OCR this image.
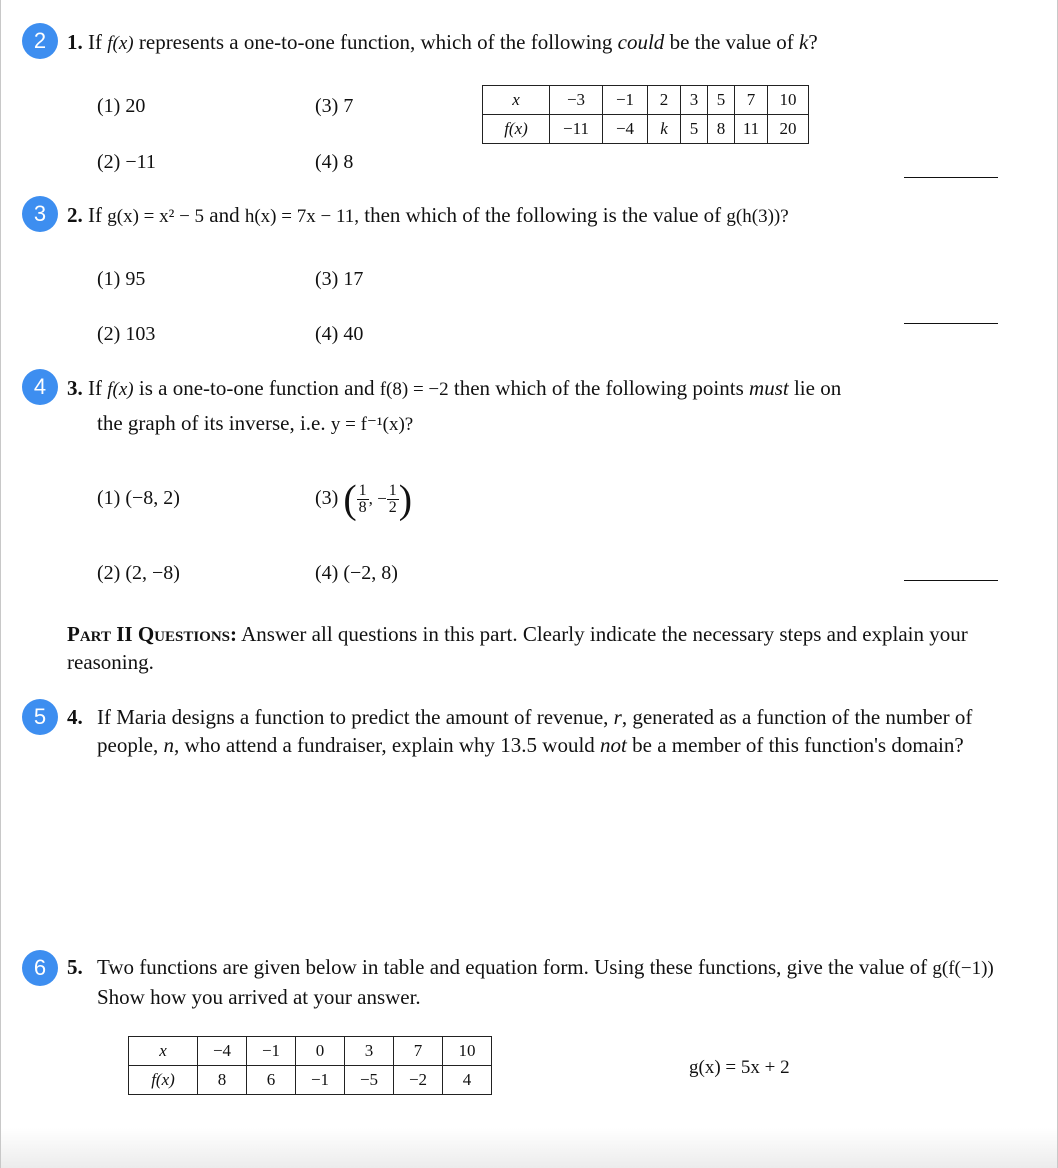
2 1. If f(x) represents a one-to-one function, which of the following could be the value of k?
(1) 20	(3) 7
(2) −11	(4) 8
x	−3	−1	2	3	5	7	10
f(x)	−11	−4	k	5	8	11	20
3 2. If g(x) = x² − 5 and h(x) = 7x − 11, then which of the following is the value of g(h(3))?
(1) 95	(3) 17
(2) 103	(4) 40
4 3. If f(x) is a one-to-one function and f(8) = −2 then which of the following points must lie on
the graph of its inverse, i.e. y = f⁻¹(x)?
(1) (−8, 2)	(3) ( $\frac{1}{8}$ , − $\frac{1}{2}$ )
(2) (2, −8)	(4) (−2, 8)
Part II Questions: Answer all questions in this part. Clearly indicate the necessary steps and explain your reasoning.
5 4. If Maria designs a function to predict the amount of revenue, r, generated as a function of the number of people, n, who attend a fundraiser, explain why 13.5 would not be a member of this function's domain?
6 5. Two functions are given below in table and equation form. Using these functions, give the value of g(f(−1)) Show how you arrived at your answer.
x	−4	−1	0	3	7	10
f(x)	8	6	−1	−5	−2	4
g(x) = 5x + 2
